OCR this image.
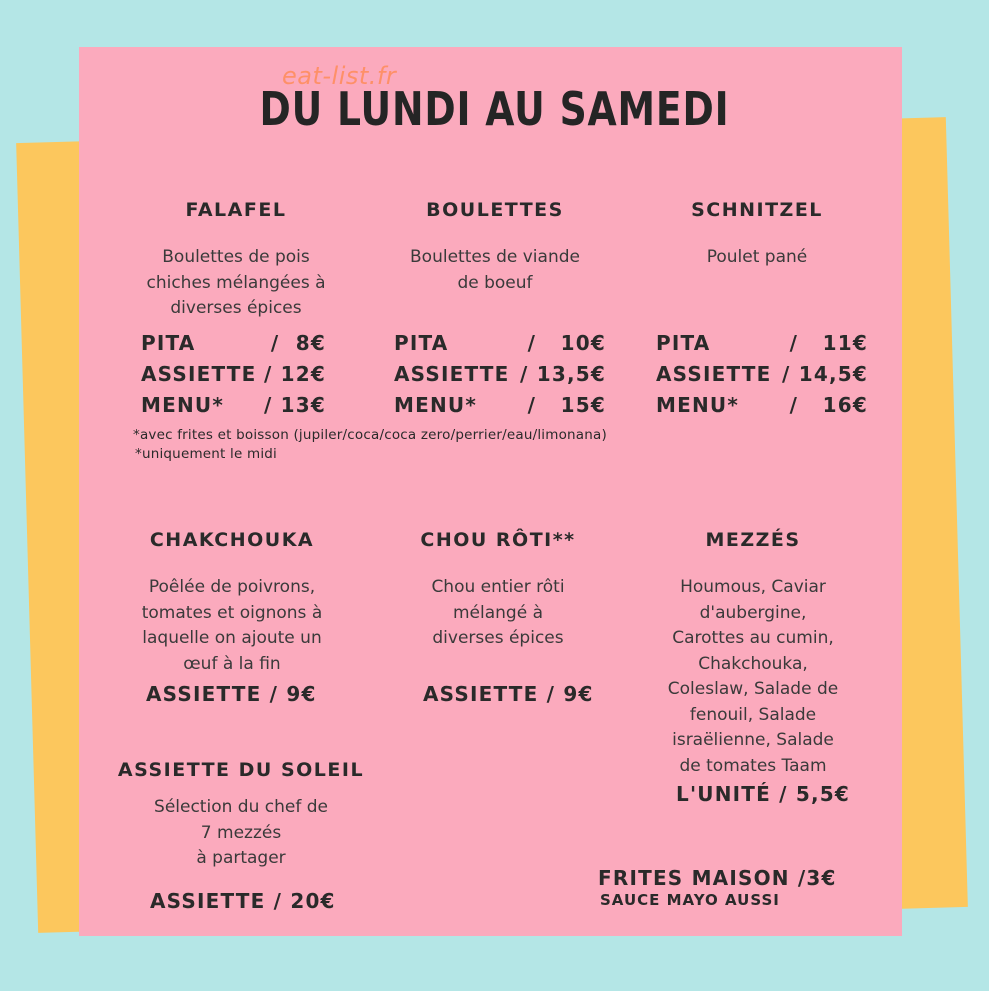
eat-list.fr
DU LUNDI AU SAMEDI
FALAFEL
Boulettes de pois
chiches mélangées à
diverses épices
BOULETTES
Boulettes de viande
de boeuf
SCHNITZEL
Poulet pané
PITA	/ 8€
ASSIETTE / 12€
MENU* / 13€
PITA	/ 10€
ASSIETTE / 13,5€
MENU*	/ 15€
PITA	/ 11€
ASSIETTE / 14,5€
MENU*	/ 16€
*avec frites et boisson (jupiler/coca/coca zero/perrier/eau/limonana)
*uniquement le midi
CHAKCHOUKA
Poêlée de poivrons,
tomates et oignons à
laquelle on ajoute un
œuf à la fin
ASSIETTE / 9€
CHOU RÔTI**
Chou entier rôti
mélangé à
diverses épices
ASSIETTE / 9€
MEZZÉS
Houmous, Caviar
d'aubergine,
Carottes au cumin,
Chakchouka,
Coleslaw, Salade de
fenouil, Salade
israëlienne, Salade
de tomates Taam
L'UNITÉ / 5,5€
ASSIETTE DU SOLEIL
Sélection du chef de
7 mezzés
à partager
ASSIETTE / 20€
FRITES MAISON /3€
SAUCE MAYO AUSSI
